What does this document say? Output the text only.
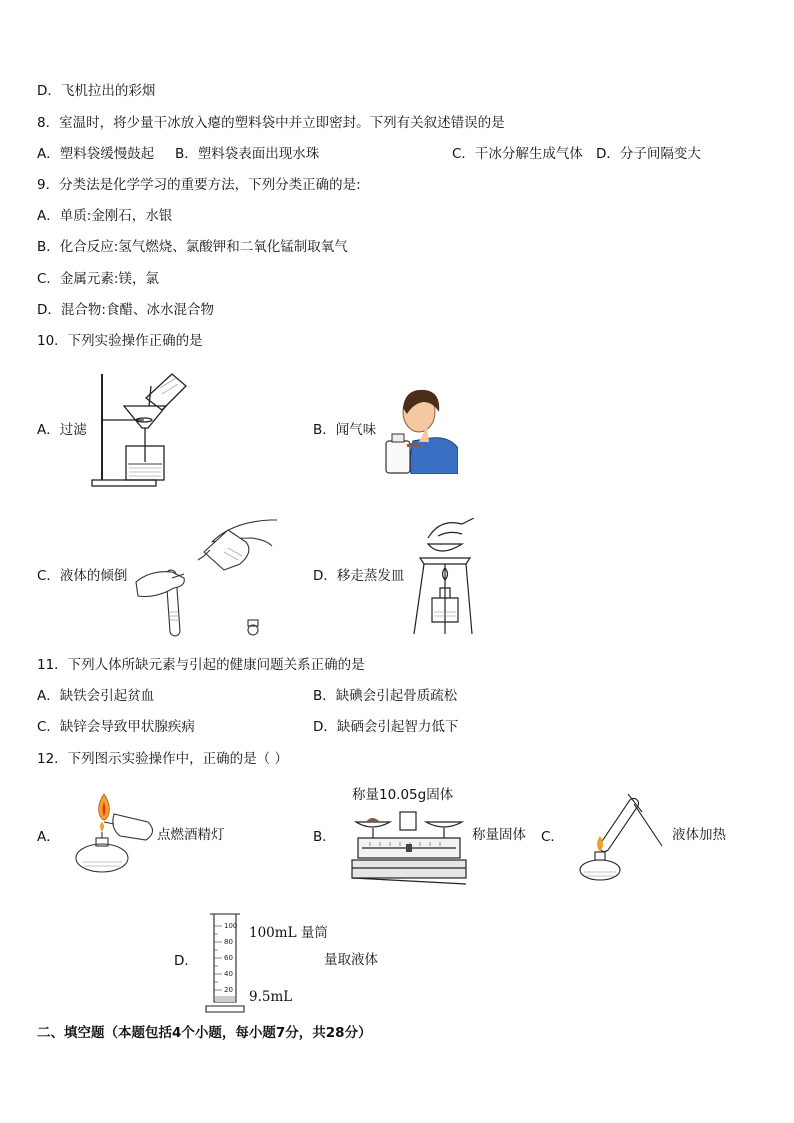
D．飞机拉出的彩烟
8．室温时，将少量干冰放入瘪的塑料袋中并立即密封。下列有关叙述错误的是
A．塑料袋缓慢鼓起 B．塑料袋表面出现水珠	C．干冰分解生成气体 D．分子间隔变大
9．分类法是化学学习的重要方法，下列分类正确的是:
A．单质:金刚石，水银
B．化合反应:氢气燃烧、氯酸钾和二氧化锰制取氧气
C．金属元素:镁，氯
D．混合物:食醋、冰水混合物
10．下列实验操作正确的是
A．过滤	B．闻气味
C．液体的倾倒	D．移走蒸发皿
11．下列人体所缺元素与引起的健康问题关系正确的是
A．缺铁会引起贫血	B．缺碘会引起骨质疏松
C．缺锌会导致甲状腺疾病	D．缺硒会引起智力低下
12．下列图示实验操作中，正确的是（ ）
A．	点燃酒精灯	B．
称量10.05g固体
称量固体 C．	液体加热
D．
100
80
60
40
20
100mL 量筒
量取液体
9.5mL
二、填空题（本题包括4个小题，每小题7分，共28分）
